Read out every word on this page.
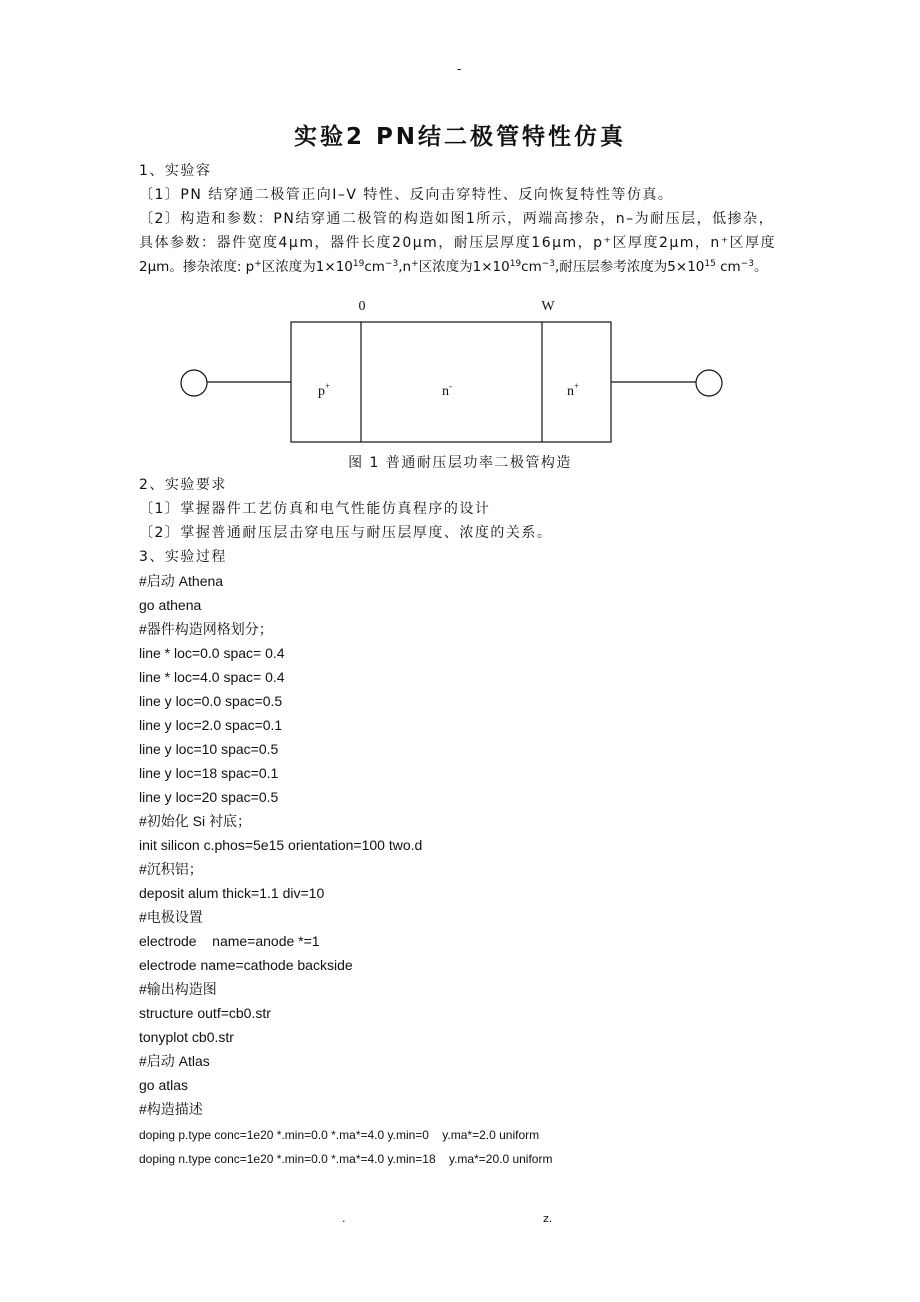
-
实验2 PN结二极管特性仿真
1、实验容
〔1〕PN 结穿通二极管正向I–V 特性、反向击穿特性、反向恢复特性等仿真。
〔2〕构造和参数：PN结穿通二极管的构造如图1所示，两端高掺杂，n–为耐压层，低掺杂，
具体参数：器件宽度4μm，器件长度20μm，耐压层厚度16μm，p⁺区厚度2μm，n⁺区厚度
2μm。掺杂浓度: p+区浓度为$1\times 10^{19}cm^{-3},n^+$区浓度为$1\times 10^{19}cm^{-3}$,耐压层参考浓度为$5\times 10^{15}$ $cm^{-3}$。
0	W
p+	n-	n+
图 1 普通耐压层功率二极管构造
2、实验要求
〔1〕掌握器件工艺仿真和电气性能仿真程序的设计
〔2〕掌握普通耐压层击穿电压与耐压层厚度、浓度的关系。
3、实验过程
#启动 Athena
go athena
#器件构造网格划分；
line * loc=0.0 spac= 0.4
line * loc=4.0 spac= 0.4
line y loc=0.0 spac=0.5
line y loc=2.0 spac=0.1
line y loc=10 spac=0.5
line y loc=18 spac=0.1
line y loc=20 spac=0.5
#初始化 Si 衬底；
init silicon c.phos=5e15 orientation=100 two.d
#沉积铝；
deposit alum thick=1.1 div=10
#电极设置
electrode    name=anode *=1
electrode name=cathode backside
#输出构造图
structure outf=cb0.str
tonyplot cb0.str
#启动 Atlas
go atlas
#构造描述
doping p.type conc=1e20 *.min=0.0 *.ma*=4.0 y.min=0    y.ma*=2.0 uniform
doping n.type conc=1e20 *.min=0.0 *.ma*=4.0 y.min=18    y.ma*=20.0 uniform
.	z.
